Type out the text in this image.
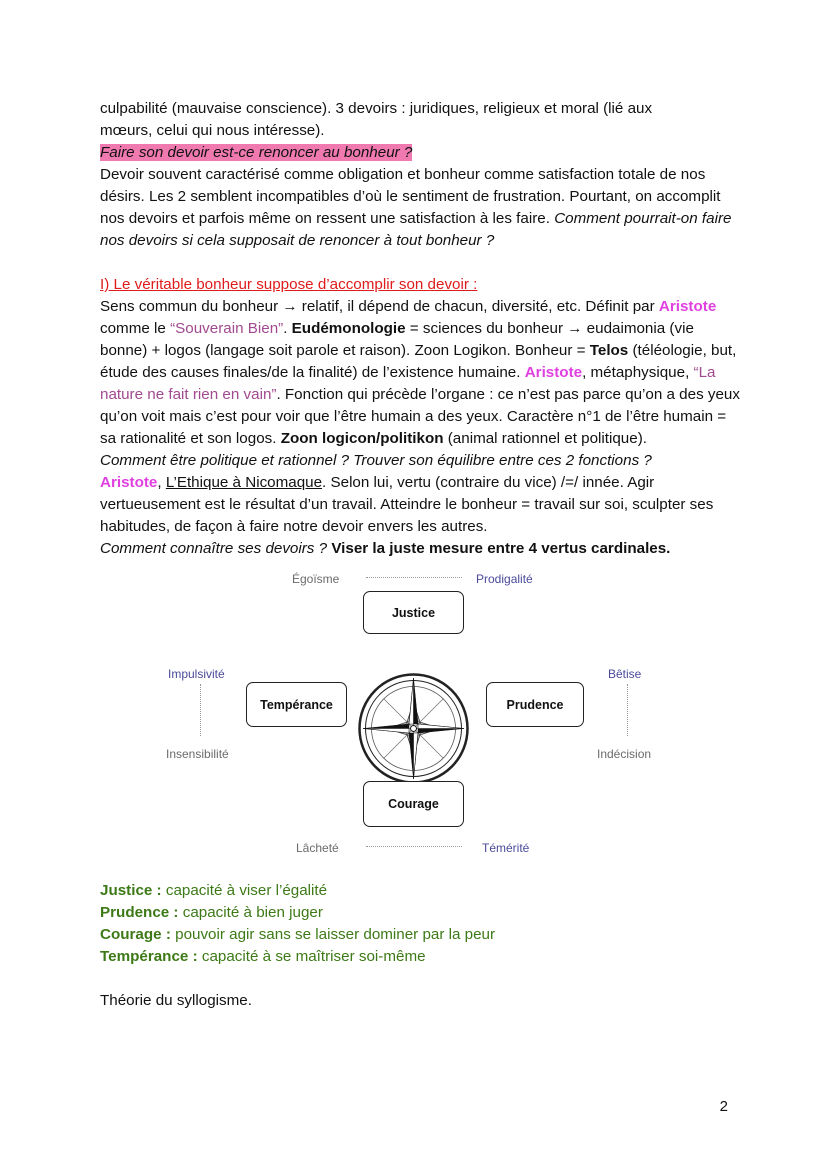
culpabilité (mauvaise conscience). 3 devoirs : juridiques, religieux et moral (lié aux

mœurs, celui qui nous intéresse).

Faire son devoir est-ce renoncer au bonheur ?

Devoir souvent caractérisé comme obligation et bonheur comme satisfaction totale de nos désirs. Les 2 semblent incompatibles d’où le sentiment de frustration. Pourtant, on accomplit nos devoirs et parfois même on ressent une satisfaction à les faire. Comment pourrait-on faire nos devoirs si cela supposait de renoncer à tout bonheur ?

I) Le véritable bonheur suppose d’accomplir son devoir :

Sens commun du bonheur → relatif, il dépend de chacun, diversité, etc. Définit par Aristote comme le “Souverain Bien”. Eudémonologie = sciences du bonheur → eudaimonia (vie bonne) + logos (langage soit parole et raison). Zoon Logikon. Bonheur = Telos (téléologie, but, étude des causes finales/de la finalité) de l’existence humaine. Aristote, métaphysique, “La nature ne fait rien en vain”. Fonction qui précède l’organe : ce n’est pas parce qu’on a des yeux qu’on voit mais c’est pour voir que l’être humain a des yeux. Caractère n°1 de l’être humain = sa rationalité et son logos. Zoon logicon/politikon (animal rationnel et politique).

Comment être politique et rationnel ? Trouver son équilibre entre ces 2 fonctions ?

Aristote, L’Ethique à Nicomaque. Selon lui, vertu (contraire du vice) /=/ innée. Agir vertueusement est le résultat d’un travail. Atteindre le bonheur = travail sur soi, sculpter ses habitudes, de façon à faire notre devoir envers les autres.

Comment connaître ses devoirs ? Viser la juste mesure entre 4 vertus cardinales.

Égoïsme	Prodigalité
Justice
Impulsivité
Insensibilité
Tempérance	Prudence
Bêtise
Indécision
Courage
Lâcheté	Témérité

Justice : capacité à viser l’égalité

Prudence : capacité à bien juger

Courage : pouvoir agir sans se laisser dominer par la peur

Tempérance : capacité à se maîtriser soi-même

Théorie du syllogisme.

2
